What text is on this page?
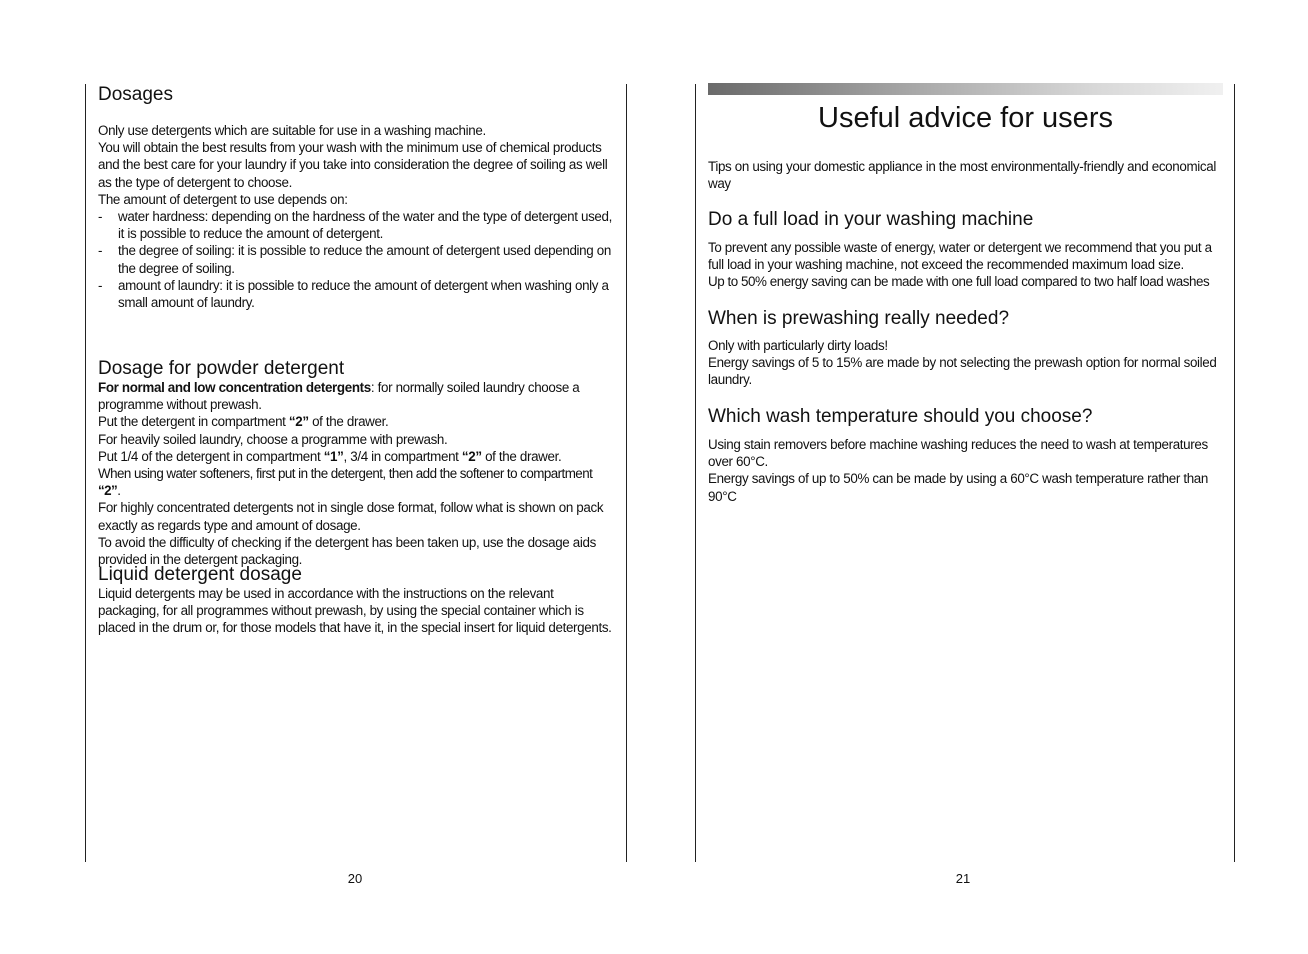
Dosages

Only use detergents which are suitable for use in a washing machine.

You will obtain the best results from your wash with the minimum use of chemical products and the best care for your laundry if you take into consideration the degree of soiling as well as the type of detergent to choose.

The amount of detergent to use depends on:

-	water hardness: depending on the hardness of the water and the type of detergent used, it is possible to reduce the amount of detergent.
-	the degree of soiling: it is possible to reduce the amount of detergent used depending on the degree of soiling.
-	amount of laundry: it is possible to reduce the amount of detergent when washing only a small amount of laundry.
Dosage for powder detergent

For normal and low concentration detergents: for normally soiled laundry choose a programme without prewash.

Put the detergent in compartment “2” of the drawer.

For heavily soiled laundry, choose a programme with prewash.

Put 1/4 of the detergent in compartment “1”, 3/4 in compartment “2” of the drawer.

When using water softeners, first put in the detergent, then add the softener to compartment “2”.

For highly concentrated detergents not in single dose format, follow what is shown on pack exactly as regards type and amount of dosage.

To avoid the difficulty of checking if the detergent has been taken up, use the dosage aids provided in the detergent packaging.

Liquid detergent dosage

Liquid detergents may be used in accordance with the instructions on the relevant packaging, for all programmes without prewash, by using the special container which is placed in the drum or, for those models that have it, in the special insert for liquid detergents.

20
Useful advice for users

Tips on using your domestic appliance in the most environmentally-friendly and economical way

Do a full load in your washing machine

To prevent any possible waste of energy, water or detergent we recommend that you put a full load in your washing machine, not exceed the recommended maximum load size.

Up to 50% energy saving can be made with one full load compared to two half load washes

When is prewashing really needed?

Only with particularly dirty loads!

Energy savings of 5 to 15% are made by not selecting the prewash option for normal soiled laundry.

Which wash temperature should you choose?

Using stain removers before machine washing reduces the need to wash at temperatures over 60°C.

Energy savings of up to 50% can be made by using a 60°C wash temperature rather than 90°C

21
